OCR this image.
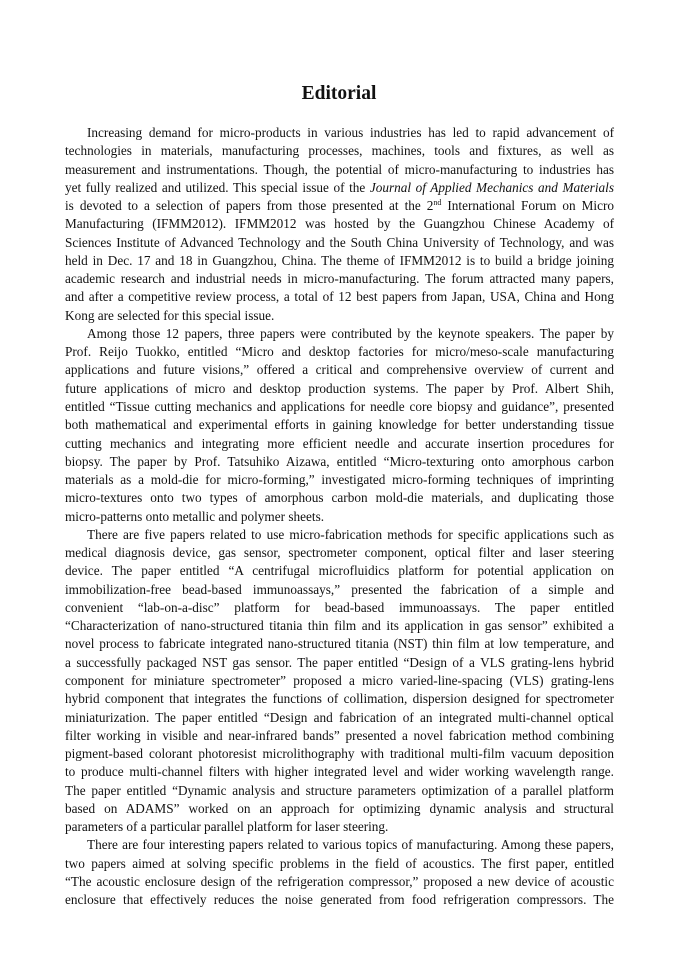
Editorial
Increasing demand for micro-products in various industries has led to rapid advancement of
technologies in materials, manufacturing processes, machines, tools and fixtures, as well as
measurement and instrumentations. Though, the potential of micro-manufacturing to industries has
yet fully realized and utilized. This special issue of the Journal of Applied Mechanics and Materials
is devoted to a selection of papers from those presented at the 2nd International Forum on Micro
Manufacturing (IFMM2012). IFMM2012 was hosted by the Guangzhou Chinese Academy of
Sciences Institute of Advanced Technology and the South China University of Technology, and was
held in Dec. 17 and 18 in Guangzhou, China. The theme of IFMM2012 is to build a bridge joining
academic research and industrial needs in micro-manufacturing. The forum attracted many papers,
and after a competitive review process, a total of 12 best papers from Japan, USA, China and Hong
Kong are selected for this special issue.
Among those 12 papers, three papers were contributed by the keynote speakers. The paper by
Prof. Reijo Tuokko, entitled “Micro and desktop factories for micro/meso-scale manufacturing
applications and future visions,” offered a critical and comprehensive overview of current and
future applications of micro and desktop production systems. The paper by Prof. Albert Shih,
entitled “Tissue cutting mechanics and applications for needle core biopsy and guidance”, presented
both mathematical and experimental efforts in gaining knowledge for better understanding tissue
cutting mechanics and integrating more efficient needle and accurate insertion procedures for
biopsy. The paper by Prof. Tatsuhiko Aizawa, entitled “Micro-texturing onto amorphous carbon
materials as a mold-die for micro-forming,” investigated micro-forming techniques of imprinting
micro-textures onto two types of amorphous carbon mold-die materials, and duplicating those
micro-patterns onto metallic and polymer sheets.
There are five papers related to use micro-fabrication methods for specific applications such as
medical diagnosis device, gas sensor, spectrometer component, optical filter and laser steering
device. The paper entitled “A centrifugal microfluidics platform for potential application on
immobilization-free bead-based immunoassays,” presented the fabrication of a simple and
convenient “lab-on-a-disc” platform for bead-based immunoassays. The paper entitled
“Characterization of nano-structured titania thin film and its application in gas sensor” exhibited a
novel process to fabricate integrated nano-structured titania (NST) thin film at low temperature, and
a successfully packaged NST gas sensor. The paper entitled “Design of a VLS grating-lens hybrid
component for miniature spectrometer” proposed a micro varied-line-spacing (VLS) grating-lens
hybrid component that integrates the functions of collimation, dispersion designed for spectrometer
miniaturization. The paper entitled “Design and fabrication of an integrated multi-channel optical
filter working in visible and near-infrared bands” presented a novel fabrication method combining
pigment-based colorant photoresist microlithography with traditional multi-film vacuum deposition
to produce multi-channel filters with higher integrated level and wider working wavelength range.
The paper entitled “Dynamic analysis and structure parameters optimization of a parallel platform
based on ADAMS” worked on an approach for optimizing dynamic analysis and structural
parameters of a particular parallel platform for laser steering.
There are four interesting papers related to various topics of manufacturing. Among these papers,
two papers aimed at solving specific problems in the field of acoustics. The first paper, entitled
“The acoustic enclosure design of the refrigeration compressor,” proposed a new device of acoustic
enclosure that effectively reduces the noise generated from food refrigeration compressors. The
